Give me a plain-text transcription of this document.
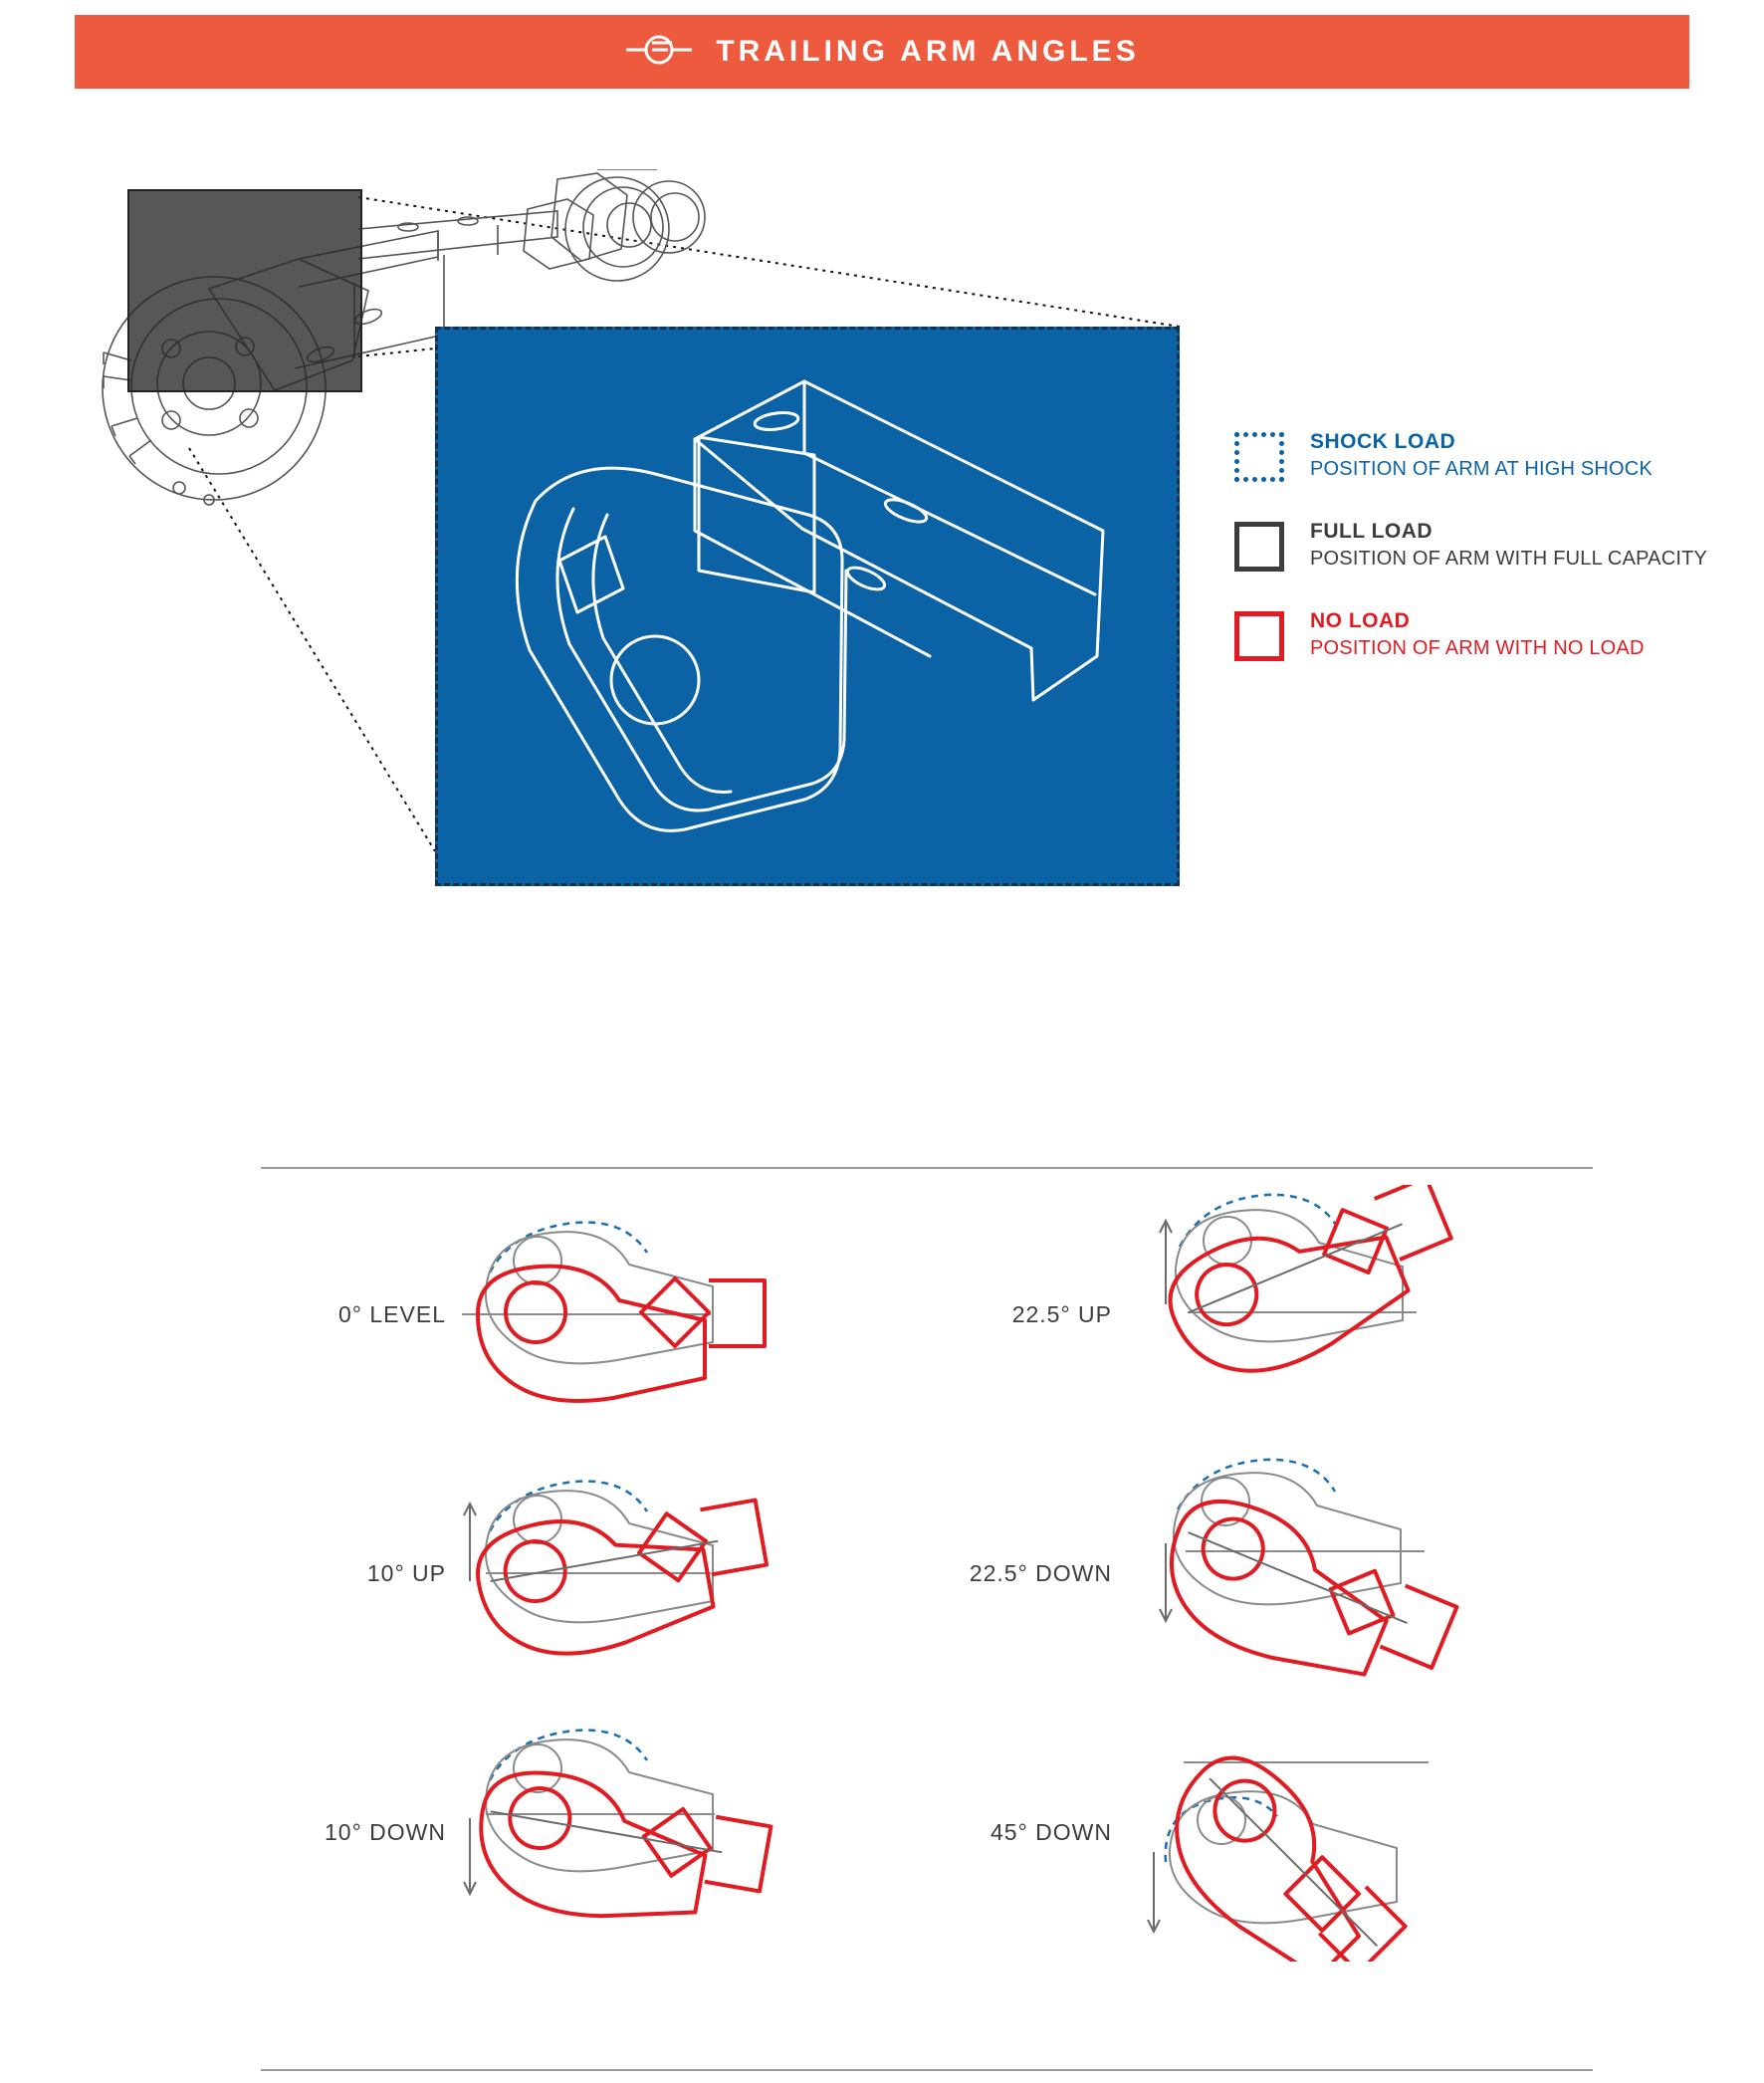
TRAILING ARM ANGLES
SHOCK LOAD
POSITION OF ARM AT HIGH SHOCK
FULL LOAD
POSITION OF ARM WITH FULL CAPACITY
NO LOAD
POSITION OF ARM WITH NO LOAD
0° LEVEL	22.5° UP
10° UP	22.5° DOWN
10° DOWN	45° DOWN
